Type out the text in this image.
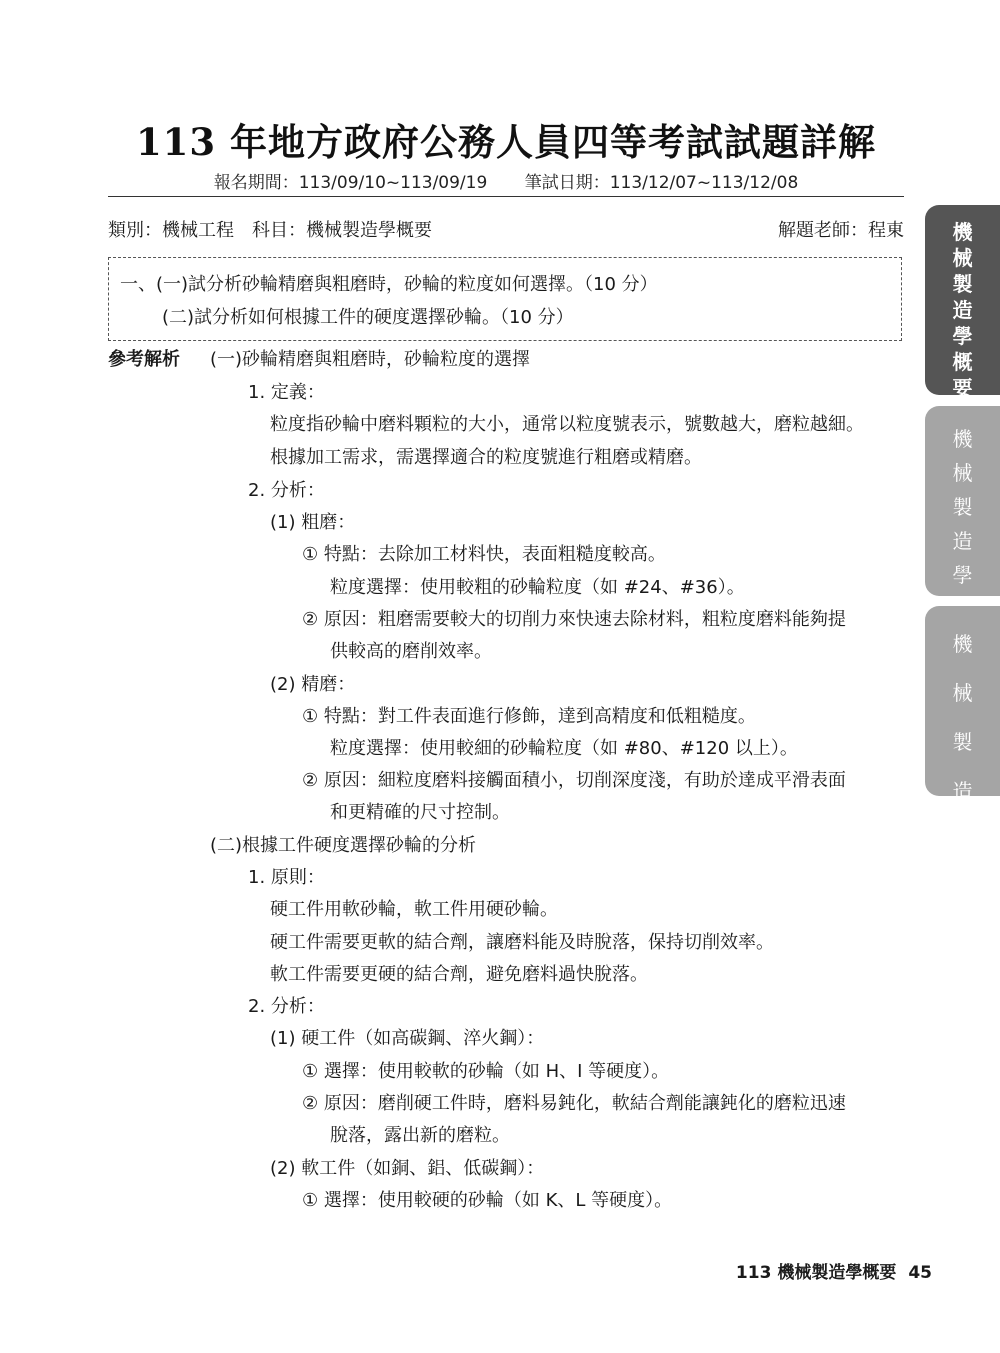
113 年地方政府公務人員四等考試試題詳解
報名期間：113/09/10~113/09/19 筆試日期：113/12/07~113/12/08
類別：機械工程　科目：機械製造學概要	解題老師：程東
一、(一)試分析砂輪精磨與粗磨時，砂輪的粒度如何選擇。（10 分）
(二)試分析如何根據工件的硬度選擇砂輪。（10 分）
參考解析 (一)砂輪精磨與粗磨時，砂輪粒度的選擇
1. 定義：
粒度指砂輪中磨料顆粒的大小，通常以粒度號表示，號數越大，磨粒越細。
根據加工需求，需選擇適合的粒度號進行粗磨或精磨。
2. 分析：
(1) 粗磨：
① 特點：去除加工材料快，表面粗糙度較高。
粒度選擇：使用較粗的砂輪粒度（如 #24、#36）。
② 原因：粗磨需要較大的切削力來快速去除材料，粗粒度磨料能夠提
供較高的磨削效率。
(2) 精磨：
① 特點：對工件表面進行修飾，達到高精度和低粗糙度。
粒度選擇：使用較細的砂輪粒度（如 #80、#120 以上）。
② 原因：細粒度磨料接觸面積小，切削深度淺，有助於達成平滑表面
和更精確的尺寸控制。
(二)根據工件硬度選擇砂輪的分析
1. 原則：
硬工件用軟砂輪，軟工件用硬砂輪。
硬工件需要更軟的結合劑，讓磨料能及時脫落，保持切削效率。
軟工件需要更硬的結合劑，避免磨料過快脫落。
2. 分析：
(1) 硬工件（如高碳鋼、淬火鋼）：
① 選擇：使用較軟的砂輪（如 H、I 等硬度）。
② 原因：磨削硬工件時，磨料易鈍化，軟結合劑能讓鈍化的磨粒迅速
脫落，露出新的磨粒。
(2) 軟工件（如銅、鋁、低碳鋼）：
① 選擇：使用較硬的砂輪（如 K、L 等硬度）。
機
械
製
造
學
概
要
機
械
製
造
學
機
械
製
造
113 機械製造學概要 45
